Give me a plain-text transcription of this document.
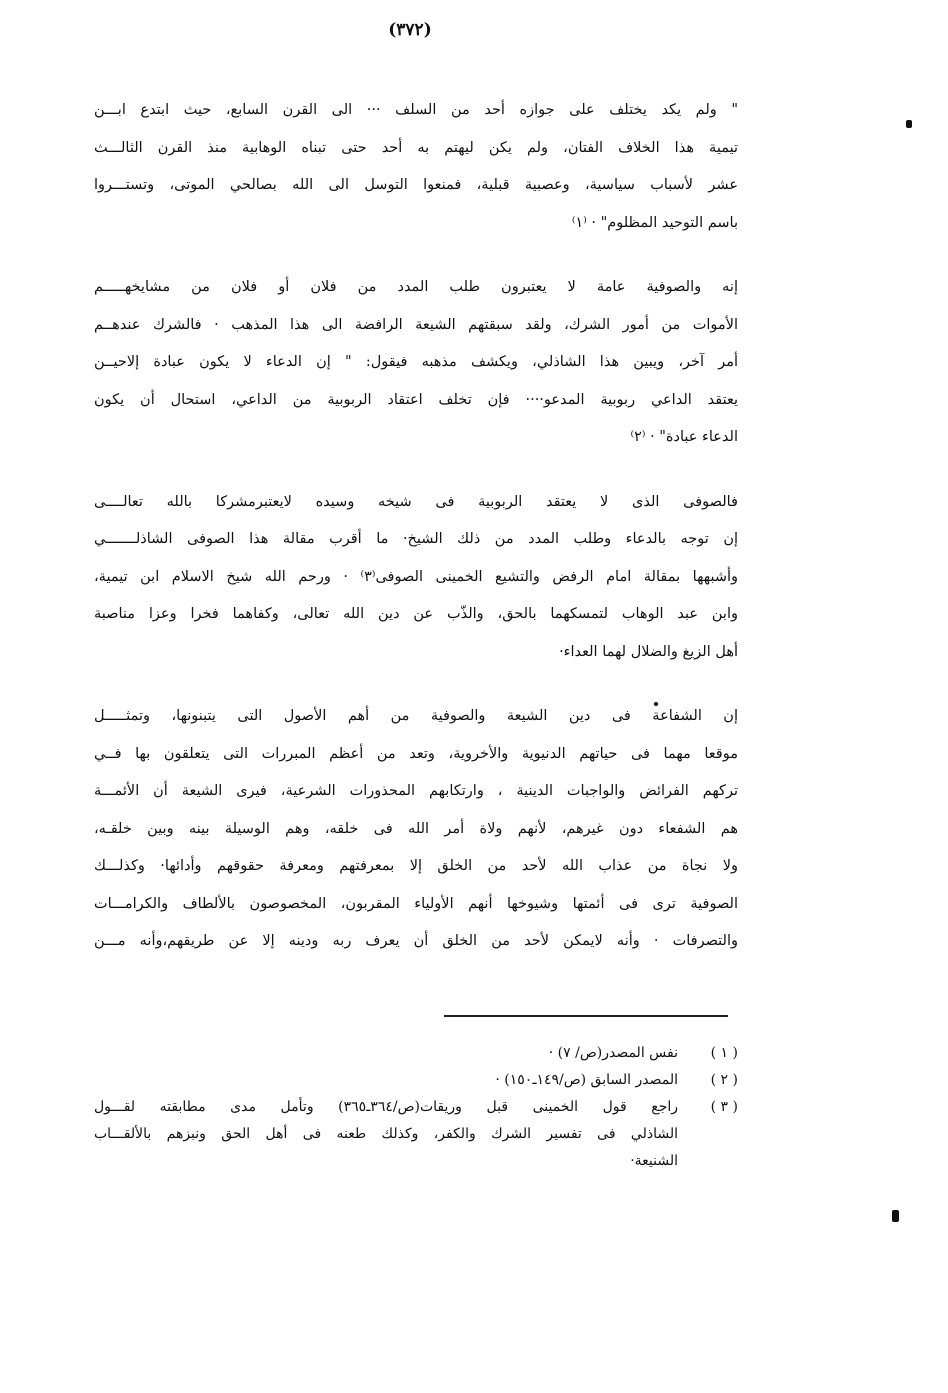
(٣٧٢)
" ولم يكد يختلف على جوازه أحد من السلف ··· الى القرن السابع، حيث ابتدع ابـــن
تيمية هذا الخلاف الفتان، ولم يكن ليهتم به أحد حتى تبناه الوهابية منذ القرن الثالـــث
عشر لأسباب سياسية، وعصبية قبلية، فمنعوا التوسل الى الله بصالحي الموتى، وتستـــروا
باسم التوحيد المظلوم" · ⁽١⁾
إنه والصوفية عامة لا يعتبرون طلب المدد من فلان أو فلان من مشايخهـــــم
الأموات من أمور الشرك، ولقد سبقتهم الشيعة الرافضة الى هذا المذهب · فالشرك عندهــم
أمر آخر، ويبين هذا الشاذلي، ويكشف مذهبه فيقول: " إن الدعاء لا يكون عبادة إلاحيــن
يعتقد الداعي ربوبية المدعو···· فإن تخلف اعتقاد الربوبية من الداعي، استحال أن يكون
الدعاء عبادة" · ⁽٢⁾
فالصوفى الذى لا يعتقد الربوبية فى شيخه وسيده لايعتبرمشركا بالله تعالــــى
إن توجه بالدعاء وطلب المدد من ذلك الشيخ· ما أقرب مقالة هذا الصوفى الشاذلـــــــي
وأشبهها بمقالة امام الرفض والتشيع الخمينى الصوفى⁽٣⁾ · ورحم الله شيخ الاسلام ابن تيمية،
وابن عبد الوهاب لتمسكهما بالحق، والذّب عن دين الله تعالى، وكفاهما فخرا وعزا مناصبة
أهل الزيغ والضلال لهما العداء·
إن الشفاعة فى دين الشيعة والصوفية من أهم الأصول التى يتبنونها، وتمثـــــل
موقعا مهما فى حياتهم الدنيوية والأخروية، وتعد من أعظم المبررات التى يتعلقون بها فــي
تركهم الفرائض والواجبات الدينية ، وارتكابهم المحذورات الشرعية، فيرى الشيعة أن الأئمـــة
هم الشفعاء دون غيرهم، لأنهم ولاة أمر الله فى خلقه، وهم الوسيلة بينه وبين خلقـه،
ولا نجاة من عذاب الله لأحد من الخلق إلا بمعرفتهم ومعرفة حقوقهم وأدائها· وكذلـــك
الصوفية ترى فى أئمتها وشيوخها أنهم الأولياء المقربون، المخصوصون بالألطاف والكرامـــات
والتصرفات · وأنه لايمكن لأحد من الخلق أن يعرف ربه ودينه إلا عن طريقهم،وأنه مـــن
( ١ )
نفس المصدر(ص/ ٧) ·
( ٢ )
المصدر السابق (ص/١٤٩ـ١٥٠) ·
( ٣ )
راجع قول الخمينى قبل وريقات(ص/٣٦٤ـ٣٦٥) وتأمل مدى مطابقته لقـــول
الشاذلي فى تفسير الشرك والكفر، وكذلك طعنه فى أهل الحق ونبزهم بالألقـــاب
الشنيعة·
